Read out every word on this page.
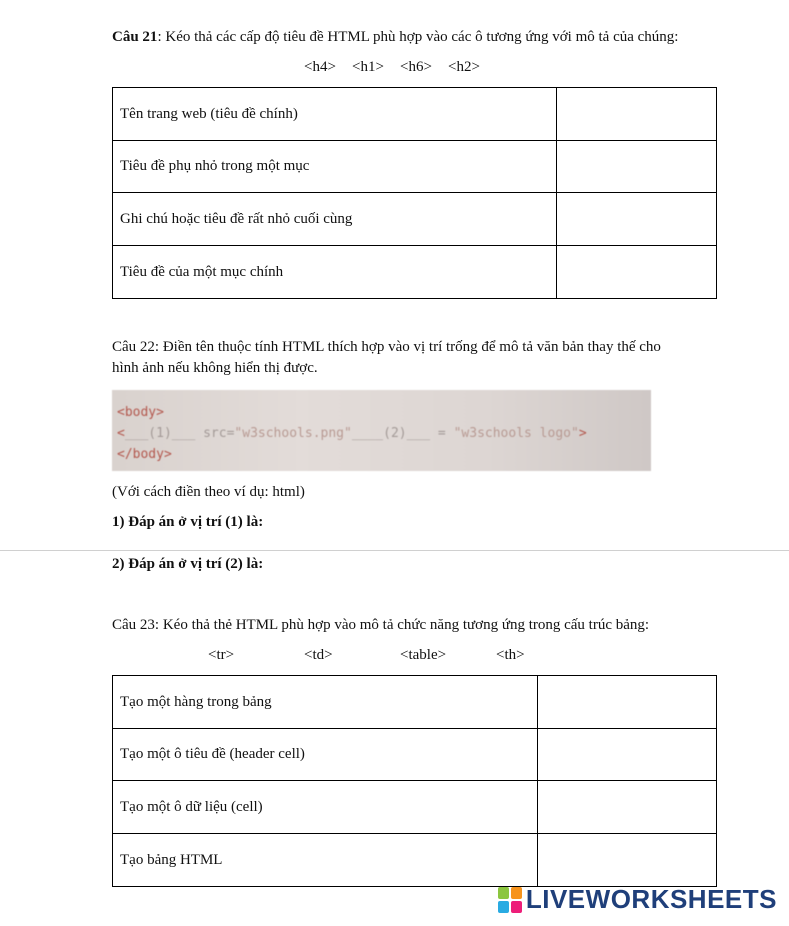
Câu 21: Kéo thả các cấp độ tiêu đề HTML phù hợp vào các ô tương ứng với mô tả của chúng:
<h4>	<h1>	<h6>	<h2>
Tên trang web (tiêu đề chính)	
Tiêu đề phụ nhỏ trong một mục	
Ghi chú hoặc tiêu đề rất nhỏ cuối cùng	
Tiêu đề của một mục chính	
Câu 22: Điền tên thuộc tính HTML thích hợp vào vị trí trống để mô tả văn bản thay thế cho
hình ảnh nếu không hiển thị được.
<body>
<___(1)___ src="w3schools.png"____(2)___ = "w3schools logo">
</body>
(Với cách điền theo ví dụ: html)
1) Đáp án ở vị trí (1) là:
2) Đáp án ở vị trí (2) là:
Câu 23: Kéo thả thẻ HTML phù hợp vào mô tả chức năng tương ứng trong cấu trúc bảng:
<tr>	<td>	<table>	<th>
Tạo một hàng trong bảng	
Tạo một ô tiêu đề (header cell)	
Tạo một ô dữ liệu (cell)	
Tạo bảng HTML	
LIVEWORKSHEETS
